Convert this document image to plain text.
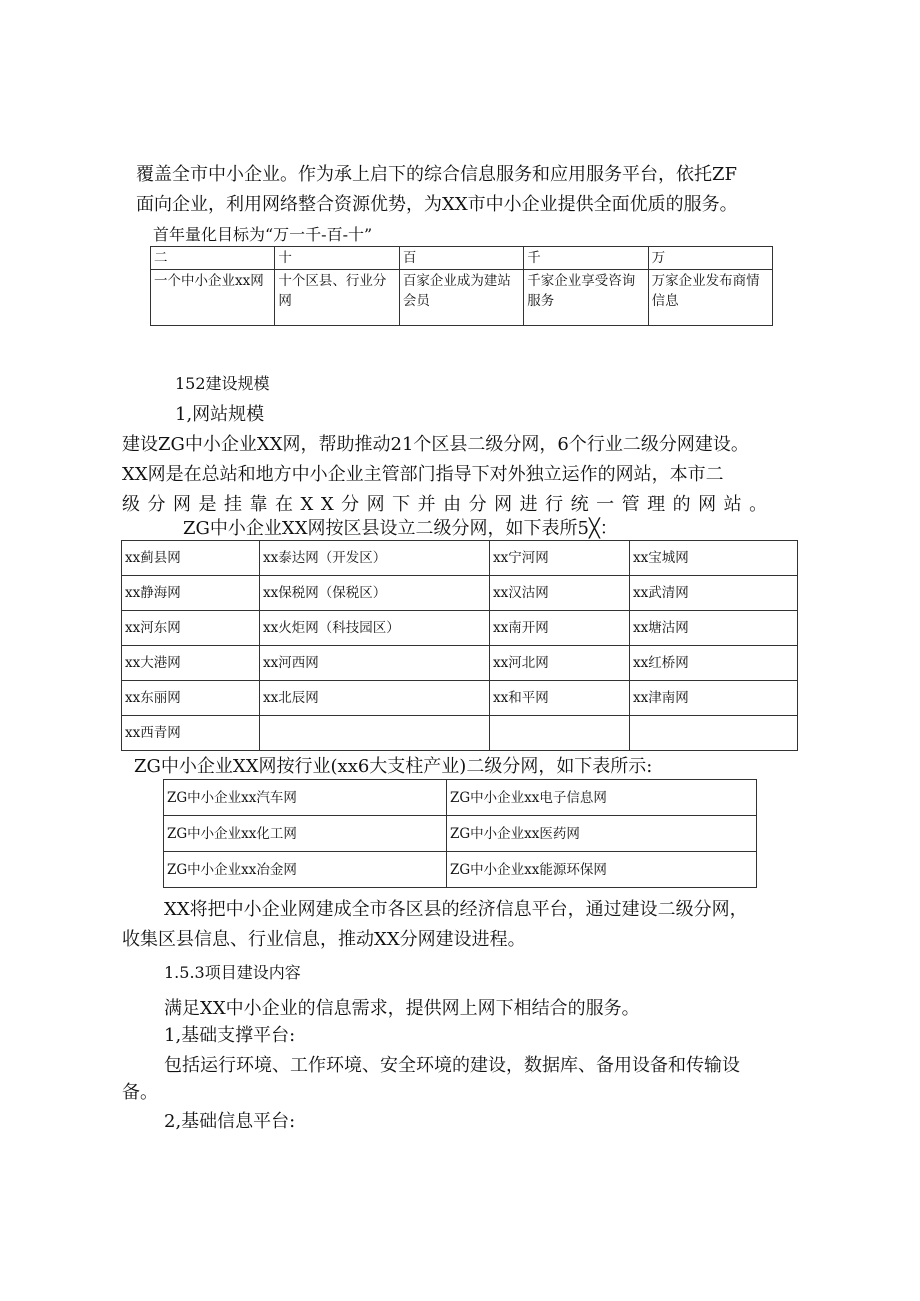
覆盖全市中小企业。作为承上启下的综合信息服务和应用服务平台，依托ZF
面向企业，利用网络整合资源优势，为XX市中小企业提供全面优质的服务。
首年量化目标为“万一千-百-十”
二	十	百	千	万
一个中小企业xx网	十个区县、行业分网	百家企业成为建站会员	千家企业享受咨询服务	万家企业发布商情信息
152建设规模
1,网站规模
建设ZG中小企业XX网，帮助推动21个区县二级分网，6个行业二级分网建设。
XX网是在总站和地方中小企业主管部门指导下对外独立运作的网站，本市二
级分网是挂靠在XX分网下并由分网进行统一管理的网站。
ZG中小企业XX网按区县设立二级分网，如下表所5╳：
xx蓟县网	xx泰达网（开发区）	xx宁河网	xx宝城网
xx静海网	xx保税网（保税区）	xx汉沽网	xx武清网
xx河东网	xx火炬网（科技园区）	xx南开网	xx塘沽网
xx大港网	xx河西网	xx河北网	xx红桥网
xx东丽网	xx北辰网	xx和平网	xx津南网
xx西青网			
ZG中小企业XX网按行业(xx6大支柱产业)二级分网，如下表所示:
ZG中小企业xx汽车网	ZG中小企业xx电子信息网
ZG中小企业xx化工网	ZG中小企业xx医药网
ZG中小企业xx冶金网	ZG中小企业xx能源环保网
XX将把中小企业网建成全市各区县的经济信息平台，通过建设二级分网，
收集区县信息、行业信息，推动XX分网建设进程。
1.5.3项目建设内容
满足XX中小企业的信息需求，提供网上网下相结合的服务。
1,基础支撑平台:
包括运行环境、工作环境、安全环境的建设，数据库、备用设备和传输设
备。
2,基础信息平台:
